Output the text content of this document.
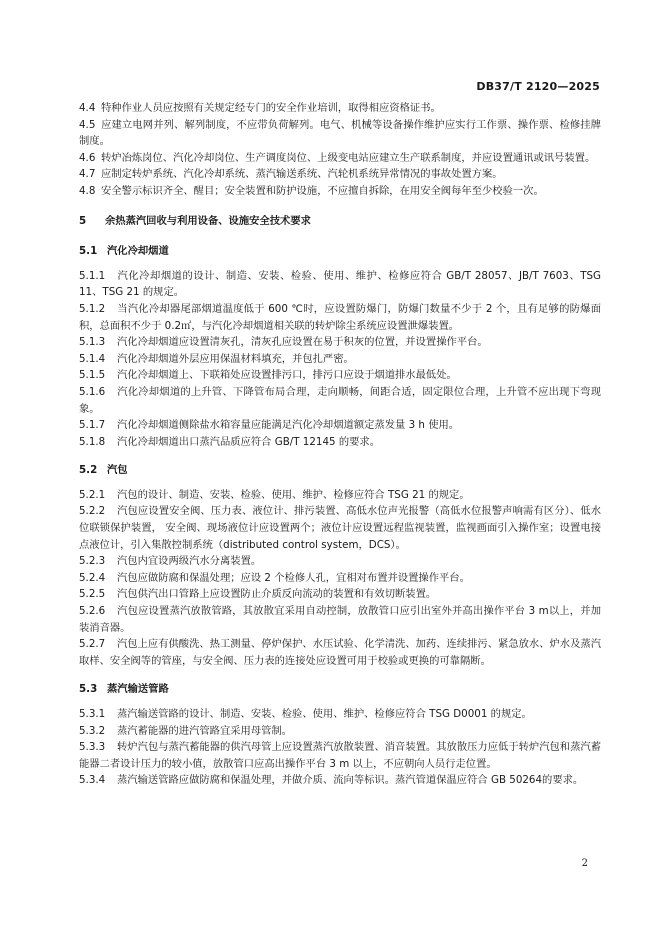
DB37/T 2120—2025

4.4 特种作业人员应按照有关规定经专门的安全作业培训，取得相应资格证书。

4.5 应建立电网并列、解列制度，不应带负荷解列。电气、机械等设备操作维护应实行工作票、操作票、检修挂牌制度。

4.6 转炉冶炼岗位、汽化冷却岗位、生产调度岗位、上级变电站应建立生产联系制度，并应设置通讯或讯号装置。

4.7 应制定转炉系统、汽化冷却系统、蒸汽输送系统、汽轮机系统异常情况的事故处置方案。

4.8 安全警示标识齐全、醒目；安全装置和防护设施，不应擅自拆除，在用安全阀每年至少校验一次。

5 余热蒸汽回收与利用设备、设施安全技术要求

5.1 汽化冷却烟道

5.1.1 汽化冷却烟道的设计、制造、安装、检验、使用、维护、检修应符合 GB/T 28057、JB/T 7603、TSG 11、TSG 21 的规定。

5.1.2 当汽化冷却器尾部烟道温度低于 600 ℃时，应设置防爆门，防爆门数量不少于 2 个，且有足够的防爆面积，总面积不少于 0.2㎡，与汽化冷却烟道相关联的转炉除尘系统应设置泄爆装置。

5.1.3 汽化冷却烟道应设置清灰孔，清灰孔应设置在易于积灰的位置，并设置操作平台。

5.1.4 汽化冷却烟道外层应用保温材料填充，并包扎严密。

5.1.5 汽化冷却烟道上、下联箱处应设置排污口，排污口应设于烟道排水最低处。

5.1.6 汽化冷却烟道的上升管、下降管布局合理，走向顺畅，间距合适，固定限位合理，上升管不应出现下弯现象。

5.1.7 汽化冷却烟道侧除盐水箱容量应能满足汽化冷却烟道额定蒸发量 3 h 使用。

5.1.8 汽化冷却烟道出口蒸汽品质应符合 GB/T 12145 的要求。

5.2 汽包

5.2.1 汽包的设计、制造、安装、检验、使用、维护、检修应符合 TSG 21 的规定。

5.2.2 汽包应设置安全阀、压力表、液位计、排污装置、高低水位声光报警（高低水位报警声响需有区分）、低水位联锁保护装置， 安全阀、现场液位计应设置两个；液位计应设置远程监视装置，监视画面引入操作室；设置电接点液位计，引入集散控制系统（distributed control system，DCS）。

5.2.3 汽包内宜设两级汽水分离装置。

5.2.4 汽包应做防腐和保温处理；应设 2 个检修人孔，宜相对布置并设置操作平台。

5.2.5 汽包供汽出口管路上应设置防止介质反向流动的装置和有效切断装置。

5.2.6 汽包应设置蒸汽放散管路，其放散宜采用自动控制，放散管口应引出室外并高出操作平台 3 m以上，并加装消音器。

5.2.7 汽包上应有供酸洗、热工测量、停炉保护、水压试验、化学清洗、加药、连续排污、紧急放水、炉水及蒸汽取样、安全阀等的管座，与安全阀、压力表的连接处应设置可用于校验或更换的可靠隔断。

5.3 蒸汽输送管路

5.3.1 蒸汽输送管路的设计、制造、安装、检验、使用、维护、检修应符合 TSG D0001 的规定。

5.3.2 蒸汽蓄能器的进汽管路宜采用母管制。

5.3.3 转炉汽包与蒸汽蓄能器的供汽母管上应设置蒸汽放散装置、消音装置。其放散压力应低于转炉汽包和蒸汽蓄能器二者设计压力的较小值，放散管口应高出操作平台 3 m 以上，不应朝向人员行走位置。

5.3.4 蒸汽输送管路应做防腐和保温处理，并做介质、流向等标识。蒸汽管道保温应符合 GB 50264的要求。

2
